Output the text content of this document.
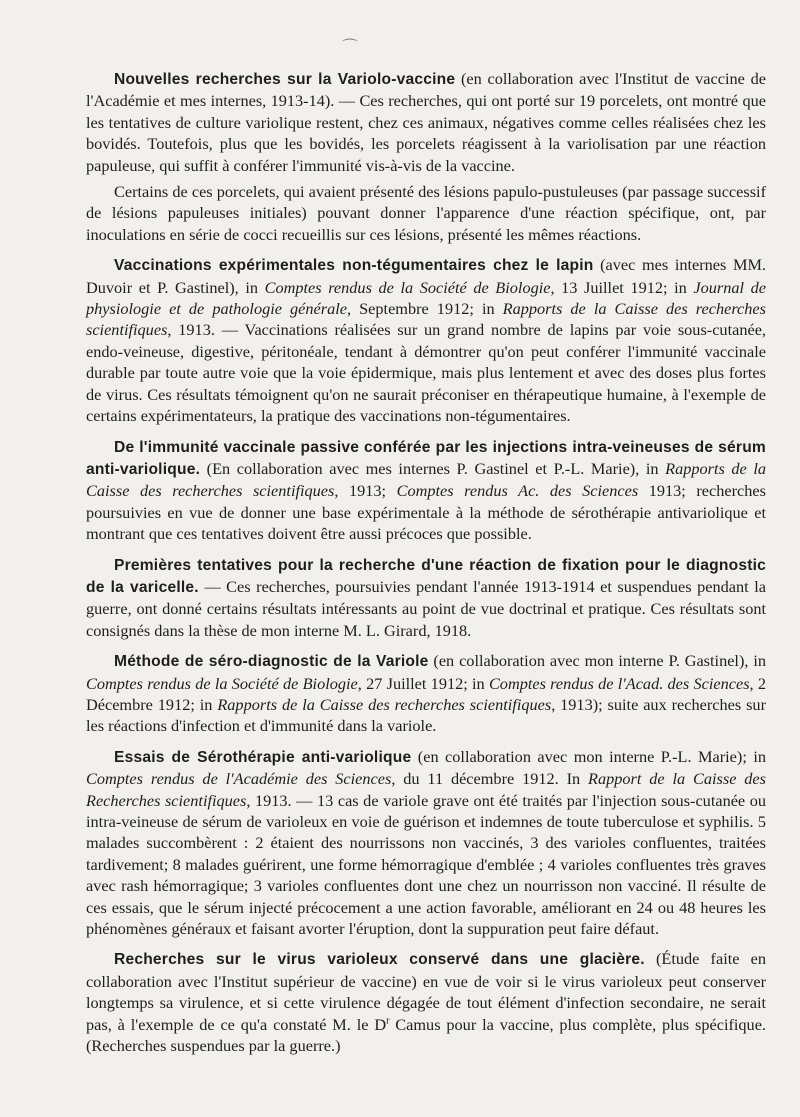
⌒

Nouvelles recherches sur la Variolo-vaccine (en collaboration avec l'Institut de vaccine de l'Académie et mes internes, 1913-14). — Ces recherches, qui ont porté sur 19 porcelets, ont montré que les tentatives de culture variolique restent, chez ces animaux, négatives comme celles réalisées chez les bovidés. Toutefois, plus que les bovidés, les porcelets réagissent à la variolisation par une réaction papuleuse, qui suffit à conférer l'immunité vis-à-vis de la vaccine.

Certains de ces porcelets, qui avaient présenté des lésions papulo-pustuleuses (par passage successif de lésions papuleuses initiales) pouvant donner l'apparence d'une réaction spécifique, ont, par inoculations en série de cocci recueillis sur ces lésions, présenté les mêmes réactions.

Vaccinations expérimentales non-tégumentaires chez le lapin (avec mes internes MM. Duvoir et P. Gastinel), in Comptes rendus de la Société de Biologie, 13 Juillet 1912; in Journal de physiologie et de pathologie générale, Septembre 1912; in Rapports de la Caisse des recherches scientifiques, 1913. — Vaccinations réalisées sur un grand nombre de lapins par voie sous-cutanée, endo-veineuse, digestive, péritonéale, tendant à démontrer qu'on peut conférer l'immunité vaccinale durable par toute autre voie que la voie épidermique, mais plus lentement et avec des doses plus fortes de virus. Ces résultats témoignent qu'on ne saurait préconiser en thérapeutique humaine, à l'exemple de certains expérimentateurs, la pratique des vaccinations non-tégumentaires.

De l'immunité vaccinale passive conférée par les injections intra-veineuses de sérum anti-variolique. (En collaboration avec mes internes P. Gastinel et P.-L. Marie), in Rapports de la Caisse des recherches scientifiques, 1913; Comptes rendus Ac. des Sciences 1913; recherches poursuivies en vue de donner une base expérimentale à la méthode de sérothérapie antivariolique et montrant que ces tentatives doivent être aussi précoces que possible.

Premières tentatives pour la recherche d'une réaction de fixation pour le diagnostic de la varicelle. — Ces recherches, poursuivies pendant l'année 1913-1914 et suspendues pendant la guerre, ont donné certains résultats intéressants au point de vue doctrinal et pratique. Ces résultats sont consignés dans la thèse de mon interne M. L. Girard, 1918.

Méthode de séro-diagnostic de la Variole (en collaboration avec mon interne P. Gastinel), in Comptes rendus de la Société de Biologie, 27 Juillet 1912; in Comptes rendus de l'Acad. des Sciences, 2 Décembre 1912; in Rapports de la Caisse des recherches scientifiques, 1913); suite aux recherches sur les réactions d'infection et d'immunité dans la variole.

Essais de Sérothérapie anti-variolique (en collaboration avec mon interne P.-L. Marie); in Comptes rendus de l'Académie des Sciences, du 11 décembre 1912. In Rapport de la Caisse des Recherches scientifiques, 1913. — 13 cas de variole grave ont été traités par l'injection sous-cutanée ou intra-veineuse de sérum de varioleux en voie de guérison et indemnes de toute tuberculose et syphilis. 5 malades succombèrent : 2 étaient des nourrissons non vaccinés, 3 des varioles confluentes, traitées tardivement; 8 malades guérirent, une forme hémorragique d'emblée ; 4 varioles confluentes très graves avec rash hémorragique; 3 varioles confluentes dont une chez un nourrisson non vacciné. Il résulte de ces essais, que le sérum injecté précocement a une action favorable, améliorant en 24 ou 48 heures les phénomènes généraux et faisant avorter l'éruption, dont la suppuration peut faire défaut.

Recherches sur le virus varioleux conservé dans une glacière. (Étude faite en collaboration avec l'Institut supérieur de vaccine) en vue de voir si le virus varioleux peut conserver longtemps sa virulence, et si cette virulence dégagée de tout élément d'infection secondaire, ne serait pas, à l'exemple de ce qu'a constaté M. le $D^r$ Camus pour la vaccine, plus complète, plus spécifique. (Recherches suspendues par la guerre.)
